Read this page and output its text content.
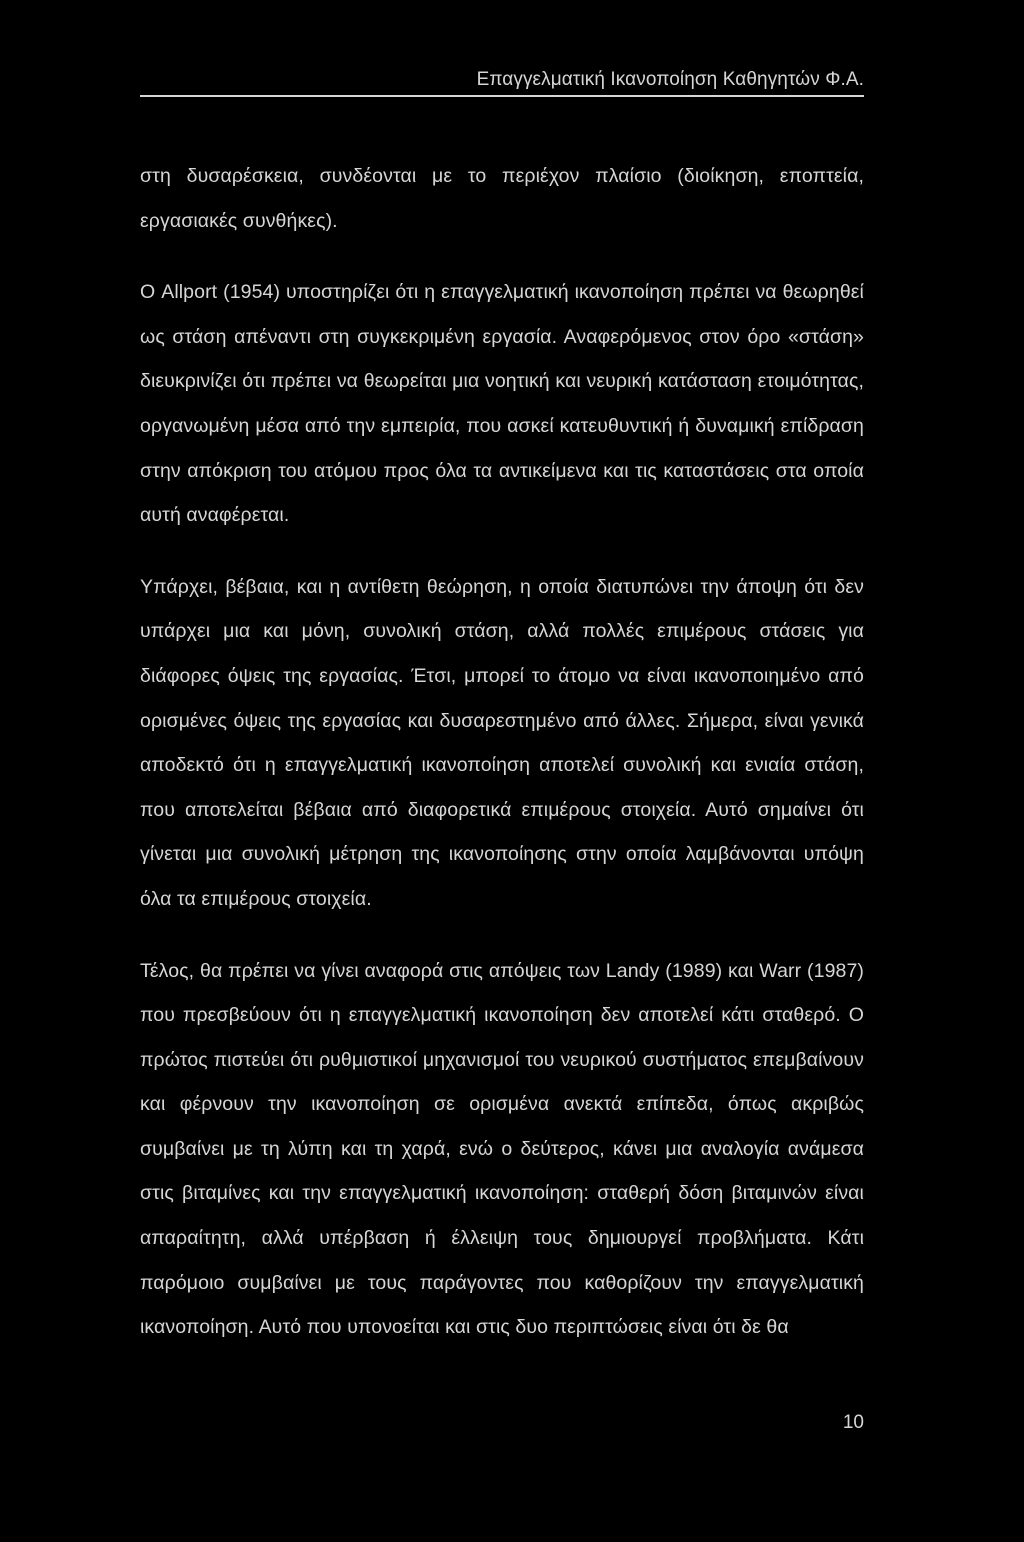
Επαγγελματική Ικανοποίηση Καθηγητών Φ.Α.

στη δυσαρέσκεια, συνδέονται με το περιέχον πλαίσιο (διοίκηση, εποπτεία, εργασιακές συνθήκες).

Ο Allport (1954) υποστηρίζει ότι η επαγγελματική ικανοποίηση πρέπει να θεωρηθεί ως στάση απέναντι στη συγκεκριμένη εργασία. Αναφερόμενος στον όρο «στάση» διευκρινίζει ότι πρέπει να θεωρείται μια νοητική και νευρική κατάσταση ετοιμότητας, οργανωμένη μέσα από την εμπειρία, που ασκεί κατευθυντική ή δυναμική επίδραση στην απόκριση του ατόμου προς όλα τα αντικείμενα και τις καταστάσεις στα οποία αυτή αναφέρεται.

Υπάρχει, βέβαια, και η αντίθετη θεώρηση, η οποία διατυπώνει την άποψη ότι δεν υπάρχει μια και μόνη, συνολική στάση, αλλά πολλές επιμέρους στάσεις για διάφορες όψεις της εργασίας. Έτσι, μπορεί το άτομο να είναι ικανοποιημένο από ορισμένες όψεις της εργασίας και δυσαρεστημένο από άλλες. Σήμερα, είναι γενικά αποδεκτό ότι η επαγγελματική ικανοποίηση αποτελεί συνολική και ενιαία στάση, που αποτελείται βέβαια από διαφορετικά επιμέρους στοιχεία. Αυτό σημαίνει ότι γίνεται μια συνολική μέτρηση της ικανοποίησης στην οποία λαμβάνονται υπόψη όλα τα επιμέρους στοιχεία.

Τέλος, θα πρέπει να γίνει αναφορά στις απόψεις των Landy (1989) και Warr (1987) που πρεσβεύουν ότι η επαγγελματική ικανοποίηση δεν αποτελεί κάτι σταθερό. Ο πρώτος πιστεύει ότι ρυθμιστικοί μηχανισμοί του νευρικού συστήματος επεμβαίνουν και φέρνουν την ικανοποίηση σε ορισμένα ανεκτά επίπεδα, όπως ακριβώς συμβαίνει με τη λύπη και τη χαρά, ενώ ο δεύτερος, κάνει μια αναλογία ανάμεσα στις βιταμίνες και την επαγγελματική ικανοποίηση: σταθερή δόση βιταμινών είναι απαραίτητη, αλλά υπέρβαση ή έλλειψη τους δημιουργεί προβλήματα. Κάτι παρόμοιο συμβαίνει με τους παράγοντες που καθορίζουν την επαγγελματική ικανοποίηση. Αυτό που υπονοείται και στις δυο περιπτώσεις είναι ότι δε θα

10
